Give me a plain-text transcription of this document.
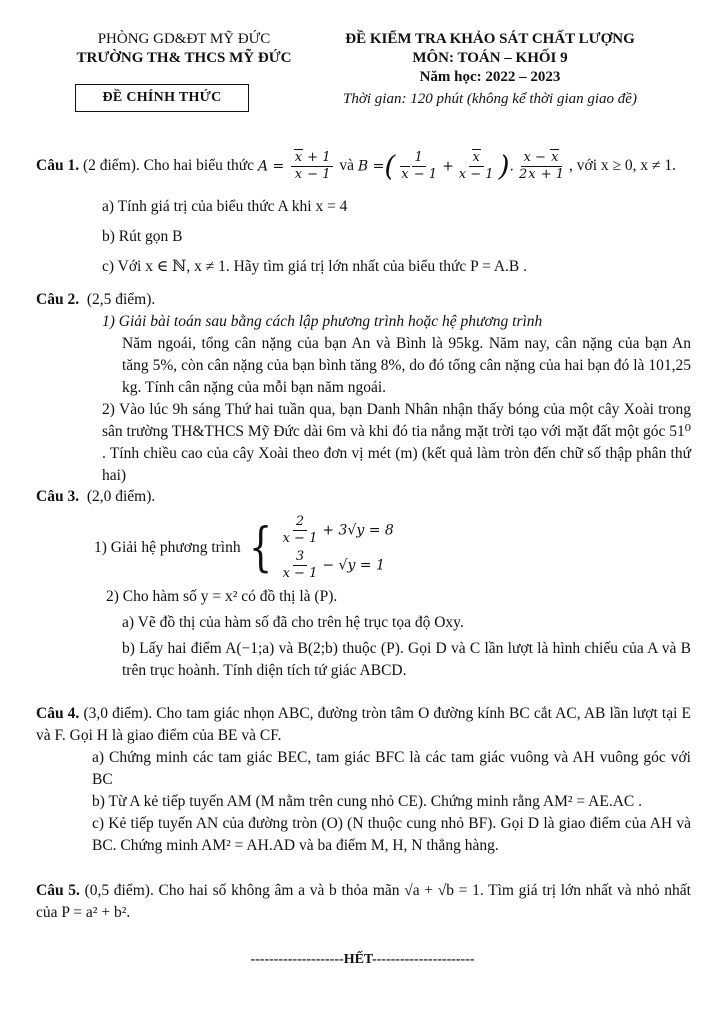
PHÒNG GD&ĐT MỸ ĐỨC
TRƯỜNG TH& THCS MỸ ĐỨC
ĐỀ CHÍNH THỨC
ĐỀ KIỂM TRA KHẢO SÁT CHẤT LƯỢNG
MÔN: TOÁN – KHỐI 9
Năm học: 2022 – 2023
Thời gian: 120 phút (không kể thời gian giao đề)
Câu 1.
(2 điểm). Cho hai biểu thức
$A = \frac{x + 1}{x - 1}$
và
B =( $\frac{1}{x - 1} + \frac{x}{x - 1}$ ). $\frac{x - x}{2x + 1}$ , với x ≥ 0, x ≠ 1.
a) Tính giá trị của biểu thức A khi x = 4
b) Rút gọn B
c) Với x ∈ ℕ, x ≠ 1. Hãy tìm giá trị lớn nhất của biểu thức P = A.B .
Câu 2. (2,5 điểm).
1) Giải bài toán sau bằng cách lập phương trình hoặc hệ phương trình
Năm ngoái, tổng cân nặng của bạn An và Bình là 95kg. Năm nay, cân nặng của bạn An tăng 5%, còn cân nặng của bạn bình tăng 8%, do đó tổng cân nặng của hai bạn đó là 101,25 kg. Tính cân nặng của mỗi bạn năm ngoái.
2) Vào lúc 9h sáng Thứ hai tuần qua, bạn Danh Nhân nhận thấy bóng của một cây Xoài trong sân trường TH&THCS Mỹ Đức dài 6m và khi đó tia nắng mặt trời tạo với mặt đất một góc 51⁰ . Tính chiều cao của cây Xoài theo đơn vị mét (m) (kết quả làm tròn đến chữ số thập phân thứ hai)
Câu 3. (2,0 điểm).
1) Giải hệ phương trình
{ $\frac{2}{x - 1} + 3√y = 8$
$\frac{3}{x - 1} - √y = 1$
2) Cho hàm số y = x² có đồ thị là (P).
a) Vẽ đồ thị của hàm số đã cho trên hệ trục tọa độ Oxy.
b) Lấy hai điểm A(−1;a) và B(2;b) thuộc (P). Gọi D và C lần lượt là hình chiếu của A và B trên trục hoành. Tính diện tích tứ giác ABCD.
Câu 4. (3,0 điểm). Cho tam giác nhọn ABC, đường tròn tâm O đường kính BC cắt AC, AB lần lượt tại E và F. Gọi H là giao điểm của BE và CF.
a) Chứng minh các tam giác BEC, tam giác BFC là các tam giác vuông và AH vuông góc với BC
b) Từ A kẻ tiếp tuyến AM (M nằm trên cung nhỏ CE). Chứng minh rằng AM² = AE.AC .
c) Kẻ tiếp tuyến AN của đường tròn (O) (N thuộc cung nhỏ BF). Gọi D là giao điểm của AH và BC. Chứng minh AM² = AH.AD và ba điểm M, H, N thẳng hàng.
Câu 5. (0,5 điểm). Cho hai số không âm a và b thỏa mãn √a + √b = 1. Tìm giá trị lớn nhất và nhỏ nhất của P = a² + b².
--------------------HẾT----------------------
